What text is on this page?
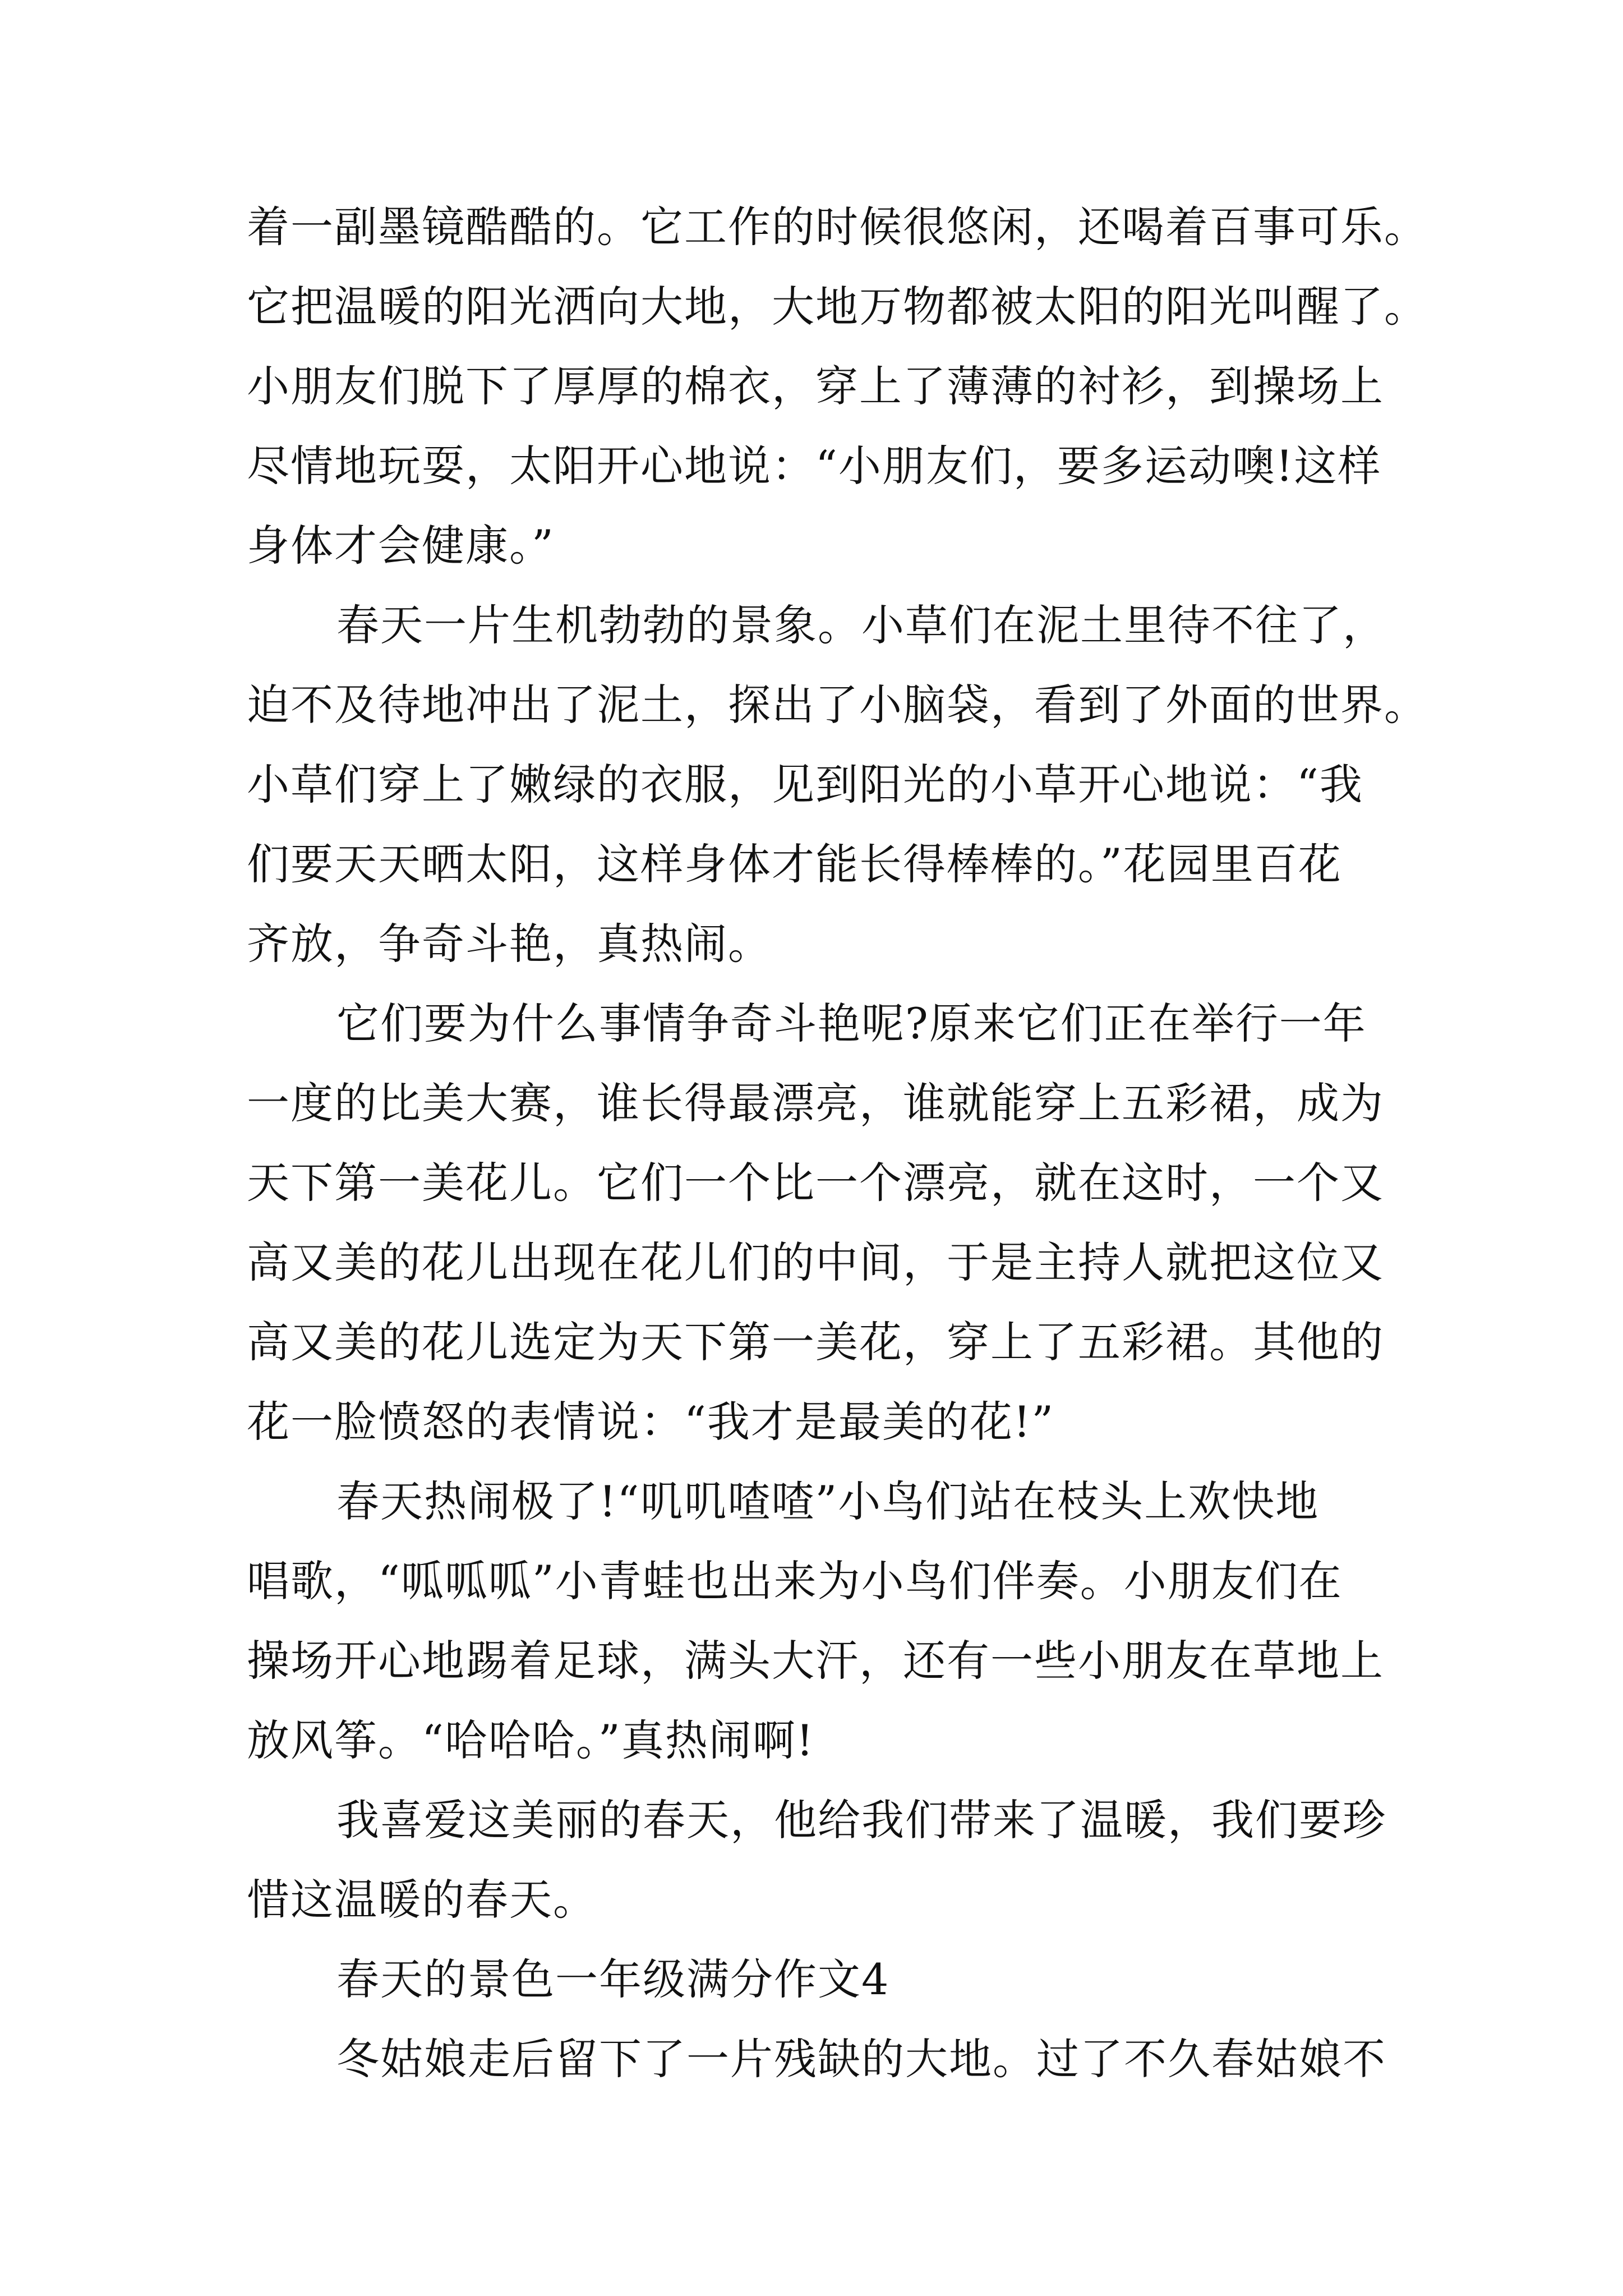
着一副墨镜酷酷的。它工作的时候很悠闲，还喝着百事可乐。
它把温暖的阳光洒向大地，大地万物都被太阳的阳光叫醒了。
小朋友们脱下了厚厚的棉衣，穿上了薄薄的衬衫，到操场上
尽情地玩耍，太阳开心地说：“小朋友们，要多运动噢!这样
身体才会健康。”
春天一片生机勃勃的景象。小草们在泥土里待不往了，
迫不及待地冲出了泥土，探出了小脑袋，看到了外面的世界。
小草们穿上了嫩绿的衣服，见到阳光的小草开心地说：“我
们要天天晒太阳，这样身体才能长得棒棒的。”花园里百花
齐放，争奇斗艳，真热闹。
它们要为什么事情争奇斗艳呢?原来它们正在举行一年
一度的比美大赛，谁长得最漂亮，谁就能穿上五彩裙，成为
天下第一美花儿。它们一个比一个漂亮，就在这时，一个又
高又美的花儿出现在花儿们的中间，于是主持人就把这位又
高又美的花儿选定为天下第一美花，穿上了五彩裙。其他的
花一脸愤怒的表情说：“我才是最美的花!”
春天热闹极了!“叽叽喳喳”小鸟们站在枝头上欢快地
唱歌，“呱呱呱”小青蛙也出来为小鸟们伴奏。小朋友们在
操场开心地踢着足球，满头大汗，还有一些小朋友在草地上
放风筝。“哈哈哈。”真热闹啊!
我喜爱这美丽的春天，他给我们带来了温暖，我们要珍
惜这温暖的春天。
春天的景色一年级满分作文4
冬姑娘走后留下了一片残缺的大地。过了不久春姑娘不
